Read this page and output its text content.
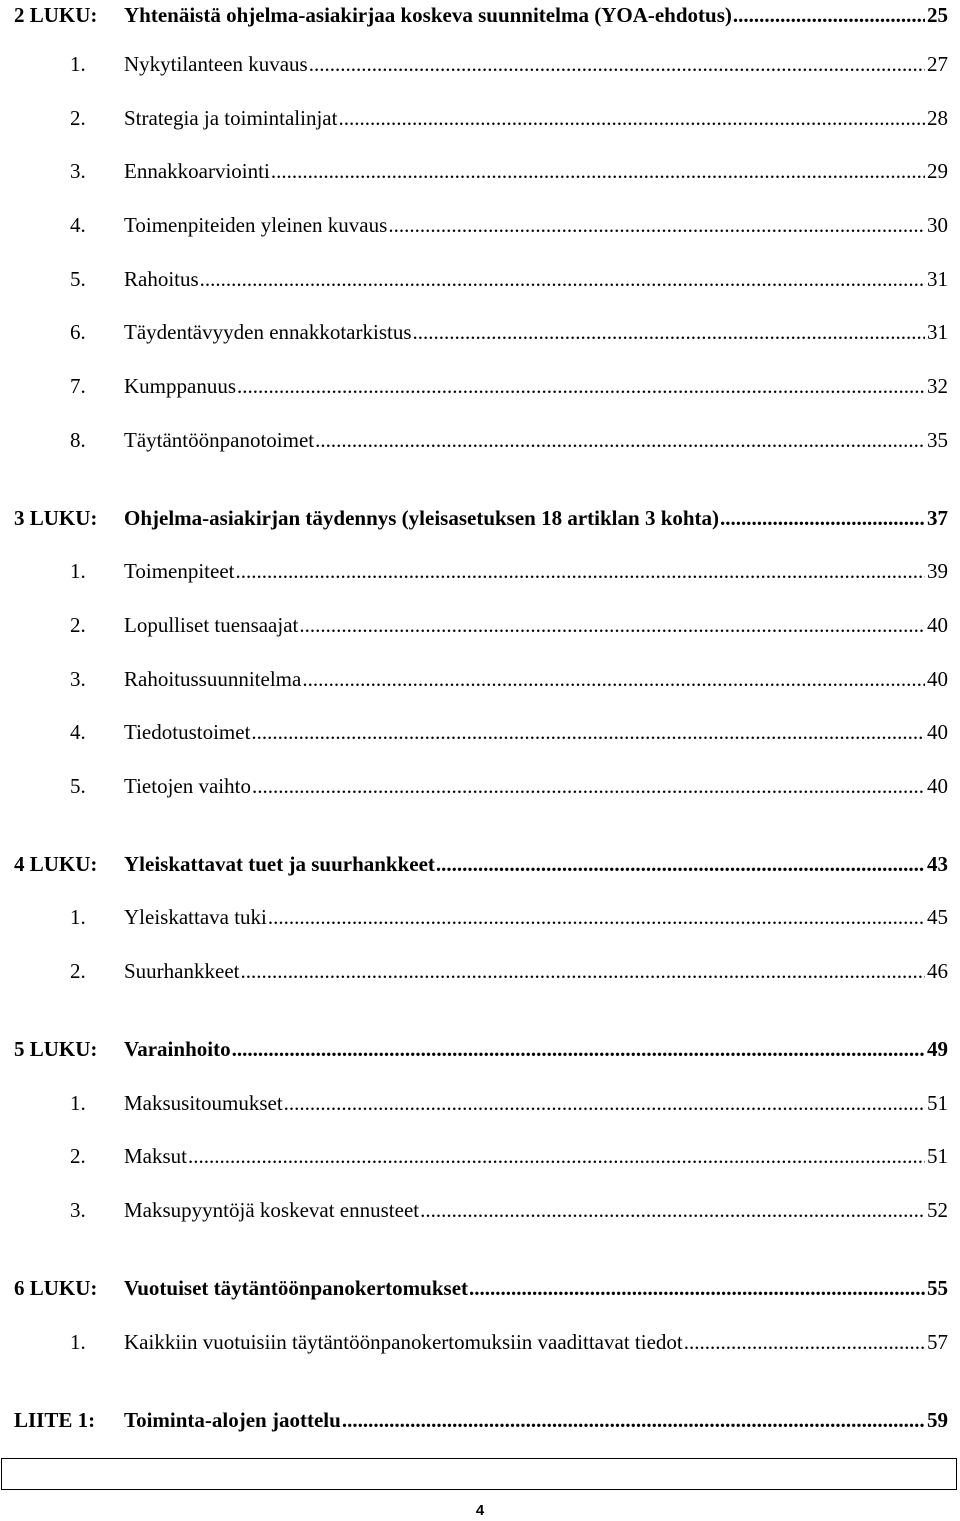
2 LUKU:	Yhtenäistä ohjelma-asiakirjaa koskeva suunnitelma (YOA-ehdotus) .....	25
1.	Nykytilanteen kuvaus .....	27
2.	Strategia ja toimintalinjat .....	28
3.	Ennakkoarviointi .....	29
4.	Toimenpiteiden yleinen kuvaus .....	30
5.	Rahoitus .....	31
6.	Täydentävyyden ennakkotarkistus .....	31
7.	Kumppanuus .....	32
8.	Täytäntöönpanotoimet .....	35
3 LUKU:	Ohjelma-asiakirjan täydennys (yleisasetuksen 18 artiklan 3 kohta) .....	37
1.	Toimenpiteet .....	39
2.	Lopulliset tuensaajat .....	40
3.	Rahoitussuunnitelma .....	40
4.	Tiedotustoimet .....	40
5.	Tietojen vaihto .....	40
4 LUKU:	Yleiskattavat tuet ja suurhankkeet .....	43
1.	Yleiskattava tuki .....	45
2.	Suurhankkeet .....	46
5 LUKU:	Varainhoito .....	49
1.	Maksusitoumukset .....	51
2.	Maksut .....	51
3.	Maksupyyntöjä koskevat ennusteet .....	52
6 LUKU:	Vuotuiset täytäntöönpanokertomukset .....	55
1.	Kaikkiin vuotuisiin täytäntöönpanokertomuksiin vaadittavat tiedot .....	57
LIITE 1:	Toiminta-alojen jaottelu .....	59
4
